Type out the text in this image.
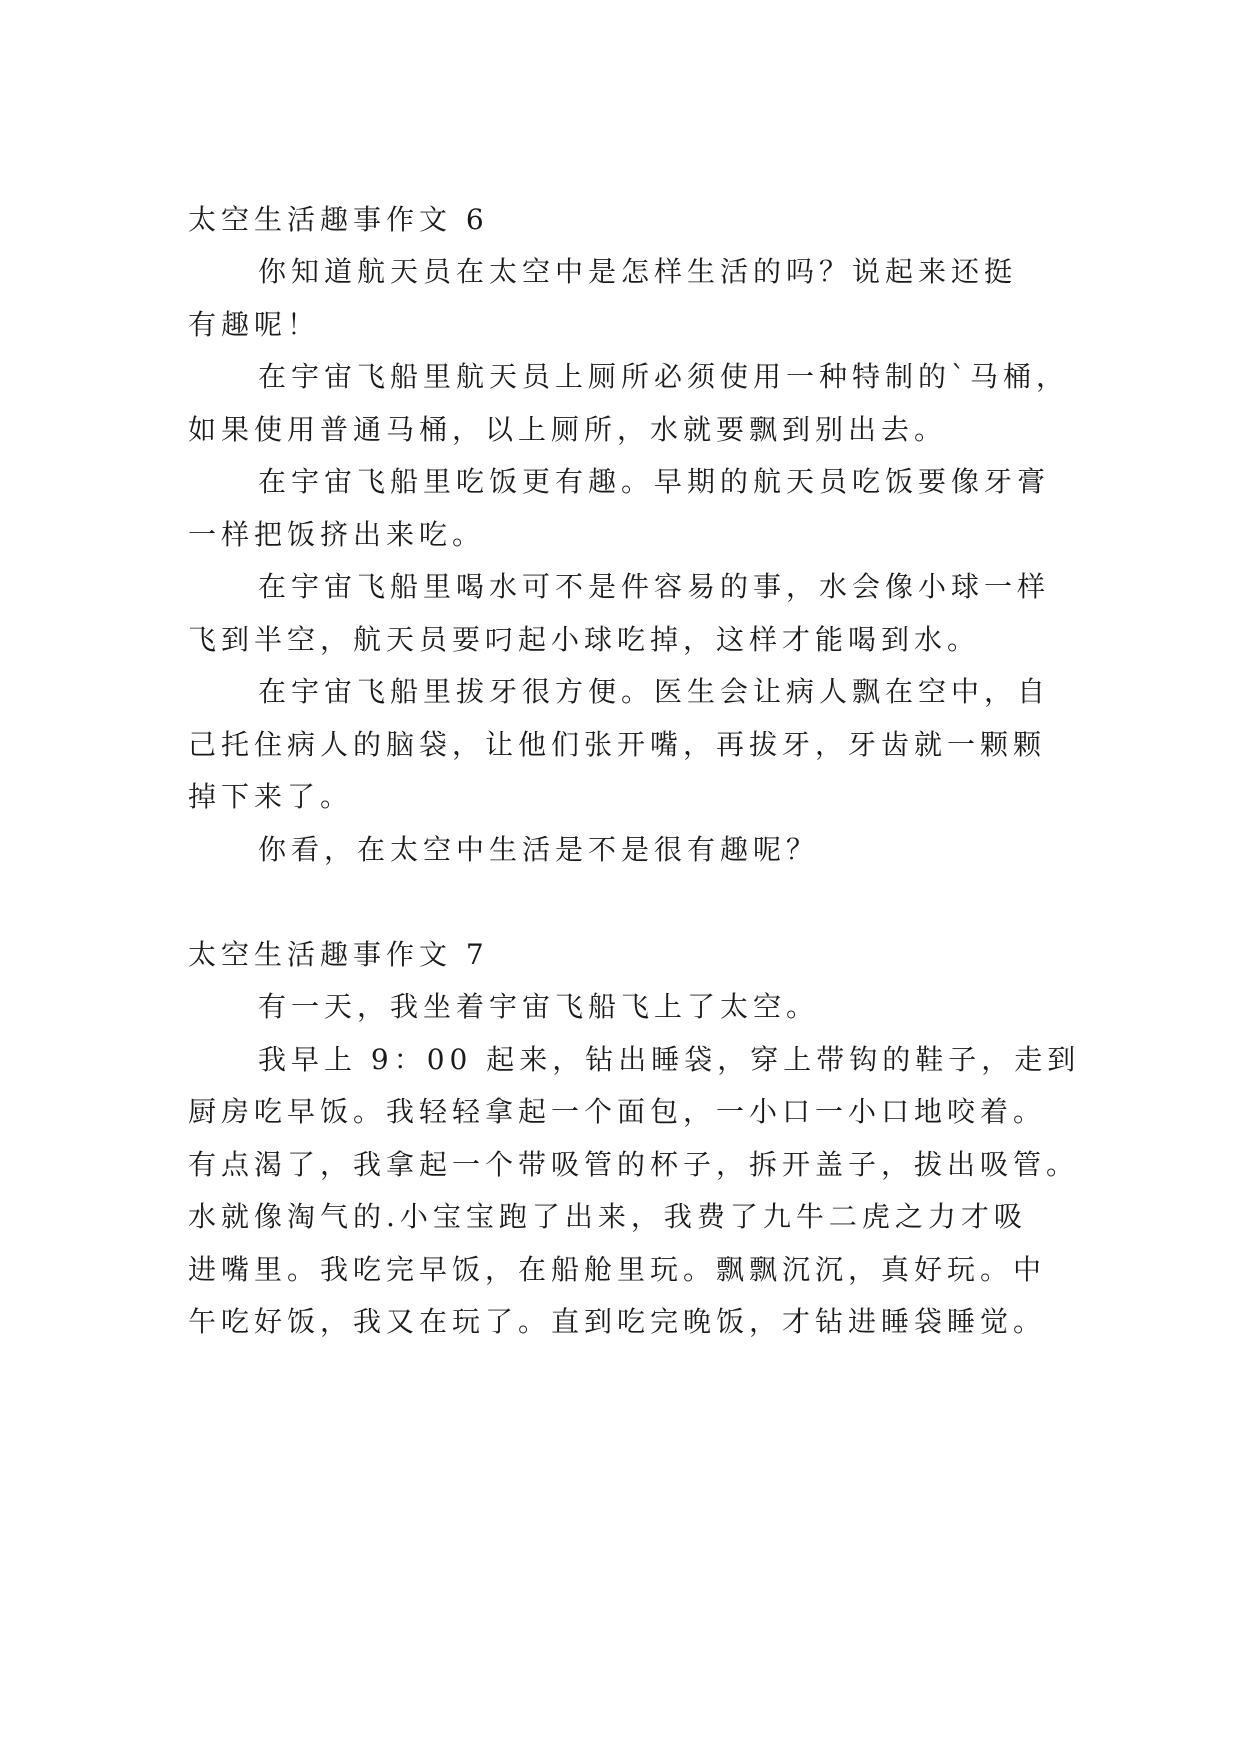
太空生活趣事作文 6
你知道航天员在太空中是怎样生活的吗？说起来还挺
有趣呢！
在宇宙飞船里航天员上厕所必须使用一种特制的`马桶，
如果使用普通马桶，以上厕所，水就要飘到别出去。
在宇宙飞船里吃饭更有趣。早期的航天员吃饭要像牙膏
一样把饭挤出来吃。
在宇宙飞船里喝水可不是件容易的事，水会像小球一样
飞到半空，航天员要叼起小球吃掉，这样才能喝到水。
在宇宙飞船里拔牙很方便。医生会让病人飘在空中，自
己托住病人的脑袋，让他们张开嘴，再拔牙，牙齿就一颗颗
掉下来了。
你看，在太空中生活是不是很有趣呢？
太空生活趣事作文 7
有一天，我坐着宇宙飞船飞上了太空。
我早上 9：00 起来，钻出睡袋，穿上带钩的鞋子，走到
厨房吃早饭。我轻轻拿起一个面包，一小口一小口地咬着。
有点渴了，我拿起一个带吸管的杯子，拆开盖子，拔出吸管。
水就像淘气的.小宝宝跑了出来，我费了九牛二虎之力才吸
进嘴里。我吃完早饭，在船舱里玩。飘飘沉沉，真好玩。中
午吃好饭，我又在玩了。直到吃完晚饭，才钻进睡袋睡觉。
